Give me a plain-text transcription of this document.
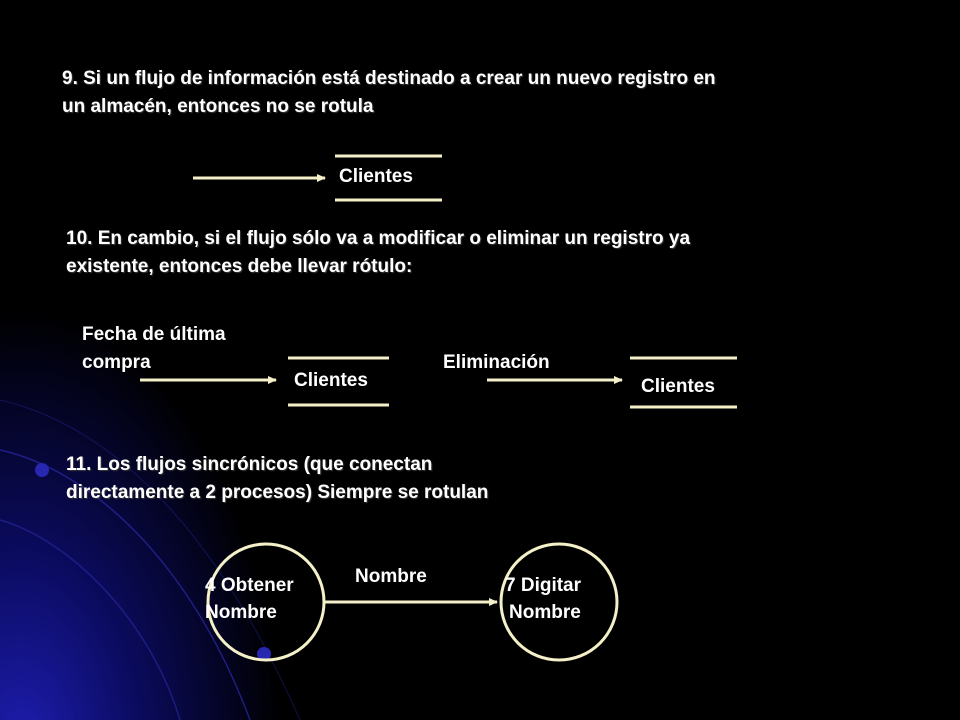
9. Si un flujo de información está destinado a crear un nuevo registro en
un almacén, entonces no se rotula
10. En cambio, si el flujo sólo va a modificar o eliminar un registro ya
existente, entonces debe llevar rótulo:
11. Los flujos sincrónicos (que conectan
directamente a 2 procesos) Siempre se rotulan
Clientes
Fecha de última
compra
Clientes
Eliminación
Clientes
4 Obtener
Nombre
Nombre	7 Digitar
Nombre
